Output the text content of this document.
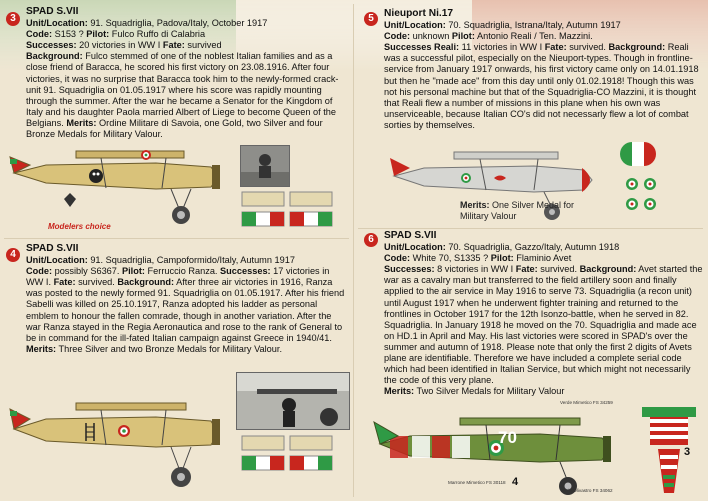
3
SPAD S.VII

Unit/Location: 91. Squadriglia, Padova/Italy, October 1917

Code: S153 ? Pilot: Fulco Ruffo di Calabria

Successes: 20 victories in WW I Fate: survived

Background: Fulco stemmed of one of the noblest Italian families and as a close friend of Baracca, he scored his first victory on 23.08.1916. After four victories, it was no surprise that Baracca took him to the newly-formed crack-unit 91. Squadriglia on 01.05.1917 where his score was rapidly mounting through the summer. After the war he became a Senator for the Kingdom of Italy and his daughter Paola married Albert of Liege to become Queen of the Belgians. Merits: Ordine Militare di Savoia, one Gold, two Silver and four Bronze Medals for Military Valour.

Modelers choice
4
SPAD S.VII

Unit/Location: 91. Squadriglia, Campoformido/Italy, Autumn 1917

Code: possibly S6367. Pilot: Ferruccio Ranza. Successes: 17 victories in WW I. Fate: survived. Background: After three air victories in 1916, Ranza was posted to the newly formed 91. Squadriglia on 01.05.1917. After his friend Sabelli was killed on 25.10.1917, Ranza adopted his ladder as personal emblem to honour the fallen comrade, though in another variation. After the war Ranza stayed in the Regia Aeronautica and rose to the rank of General to be in command for the ill-fated Italian campaign against Greece in 1940/41. Merits: Three Silver and two Bronze Medals for Military Valour.

5	Nieuport Ni.17

Unit/Location: 70. Squadriglia, Istrana/Italy, Autumn 1917

Code: unknown Pilot: Antonio Reali / Ten. Mazzini.

Successes Reali: 11 victories in WW I Fate: survived. Background: Reali was a successful pilot, especially on the Nieuport-types. Though in frontline-service from January 1917 onwards, his first victory came only on 14.01.1918 but then he "made ace" from this day until only 01.02.1918! Though this was not his personal machine but that of the Squadriglia-CO Mazzini, it is thought that Reali flew a number of missions in this plane when his own was unserviceable, because Italian CO's did not necessarly flew a lot of combat sorties by themselves.

Merits: One Silver Medal for Military Valour
6	SPAD S.VII

Unit/Location: 70. Squadriglia, Gazzo/Italy, Autumn 1918

Code: White 70, S1335 ? Pilot: Flaminio Avet

Successes: 8 victories in WW I Fate: survived. Background: Avet started the war as a cavalry man but transferred to the field artillery soon and finally applied to the air service in May 1916 to serve 73. Squadriglia (a recon unit) until August 1917 when he underwent fighter training and returned to the frontlines in October 1917 for the 12th Isonzo-battle, when he served in 82. Squadriglia. In January 1918 he moved on the 70. Squadriglia and made ace on HD.1 in April and May. His last victories were scored in SPAD's over the summer and autumn of 1918. Please note that only the first 2 digits of Avets plane are identifiable. Therefore we have included a complete serial code which had been identified in Italian Service, but which might not necessarily the code of this very plane.

Merits: Two Silver Medals for Military Valour

70
Verde Mimetico FS 34259
Verde Olivastro FS 34062
Marrone Mimetico FS 30118
3
4
